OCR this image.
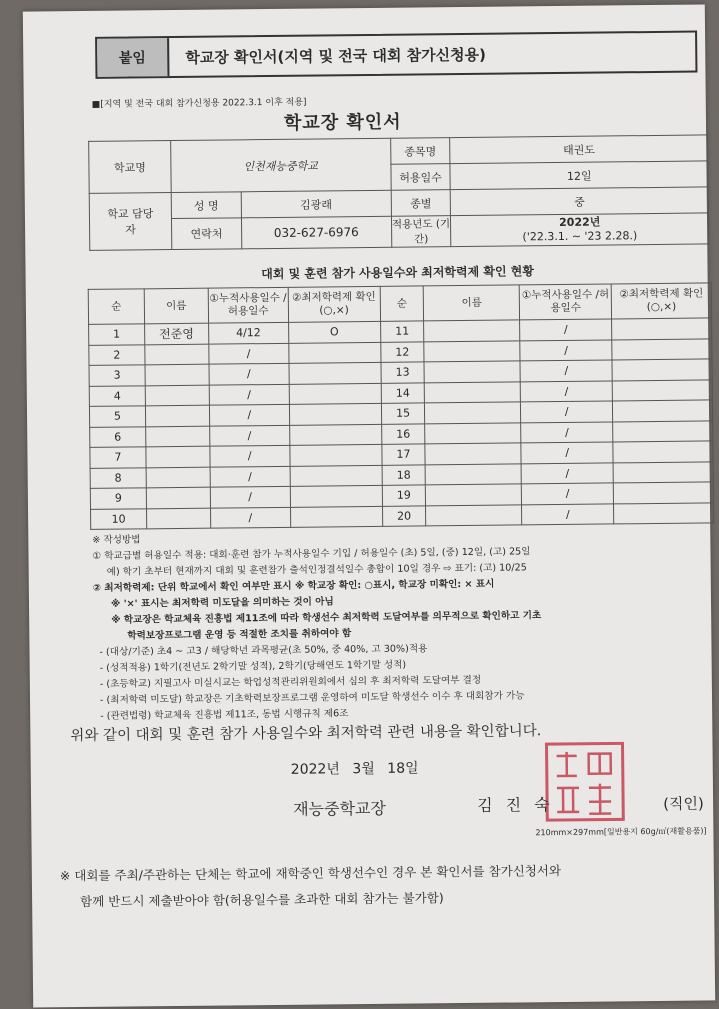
붙임	학교장 확인서(지역 및 전국 대회 참가신청용)
■[지역 및 전국 대회 참가신청용 2022.3.1 이후 적용]
학교장 확인서
학교명	인천재능중학교		종목명	태권도
			허용일수	12일
학교 담당자	성 명	김광래	종별	중
	연락처	032-627-6976	적용년도 (기간)	2022년
('22.3.1. ~ '23 2.28.)
대회 및 훈련 참가 사용일수와 최저학력제 확인 현황
순	이름	①누적사용일수 /허용일수	②최저학력제 확인(○,×)	순	이름	①누적사용일수 /허용일수	②최저학력제 확인(○,×)
1	전준영	4/12	O	11		/	
2		/		12		/	
3		/		13		/	
4		/		14		/	
5		/		15		/	
6		/		16		/	
7		/		17		/	
8		/		18		/	
9		/		19		/	
10		/		20		/	
※ 작성방법
① 학교급별 허용일수 적용: 대회·훈련 참가 누적사용일수 기입 / 허용일수 (초) 5일, (중) 12일, (고) 25일
예) 학기 초부터 현재까지 대회 및 훈련참가 출석인정결석일수 총합이 10일 경우 ⇨ 표기: (고) 10/25
② 최저학력제: 단위 학교에서 확인 여부만 표시 ※ 학교장 확인: ○표시, 학교장 미확인: × 표시
※ '×' 표시는 최저학력 미도달을 의미하는 것이 아님
※ 학교장은 학교체육 진흥법 제11조에 따라 학생선수 최저학력 도달여부를 의무적으로 확인하고 기초
학력보장프로그램 운영 등 적절한 조치를 취하여야 함
- (대상/기준) 초4 ~ 고3 / 해당학년 과목평균(초 50%, 중 40%, 고 30%)적용
- (성적적용) 1학기(전년도 2학기말 성적), 2학기(당해연도 1학기말 성적)
- (초등학교) 지필고사 미실시교는 학업성적관리위원회에서 심의 후 최저학력 도달여부 결정
- (최저학력 미도달) 학교장은 기초학력보장프로그램 운영하여 미도달 학생선수 이수 후 대회참가 가능
- (관련법령) 학교체육 진흥법 제11조, 동법 시행규칙 제6조
위와 같이 대회 및 훈련 참가 사용일수와 최저학력 관련 내용을 확인합니다.
2022년 3월 18일
재능중학교장	김 진 숙	(직인)
210mm×297mm[일반용지 60g/㎡(재활용품)]
※ 대회를 주최/주관하는 단체는 학교에 재학중인 학생선수인 경우 본 확인서를 참가신청서와
함께 반드시 제출받아야 함(허용일수를 초과한 대회 참가는 불가함)
